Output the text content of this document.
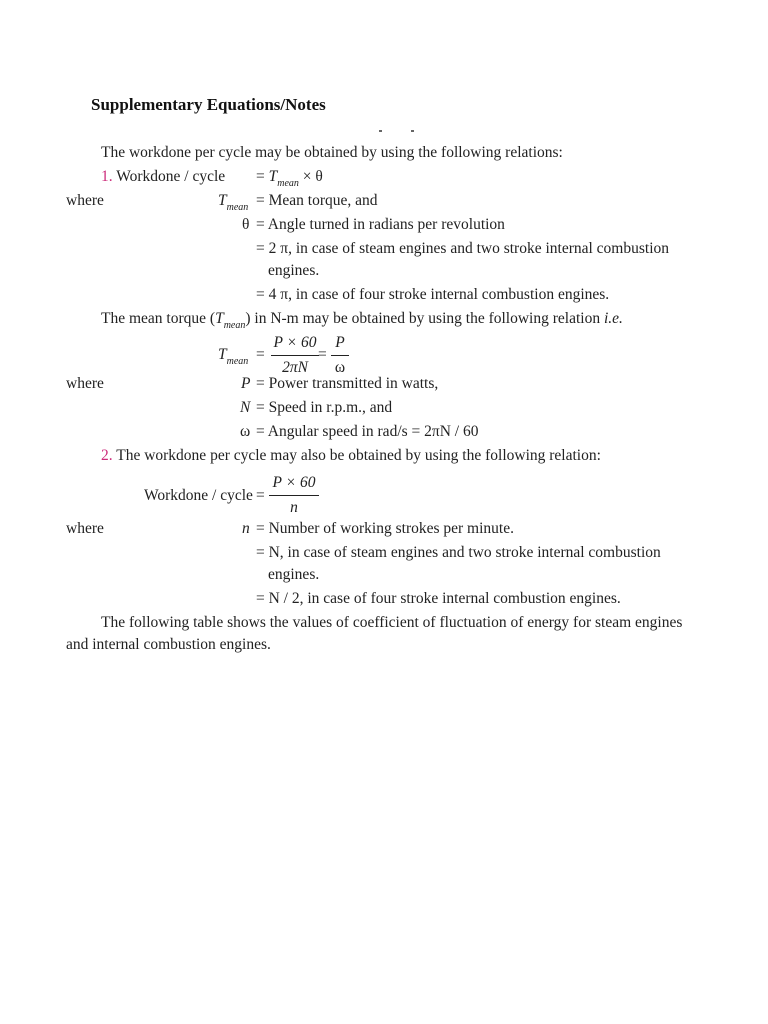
Supplementary Equations/Notes
The workdone per cycle may be obtained by using the following relations:
1. Workdone / cycle = $T_{mean} \times \theta$
where	$T_{mean}$ = Mean torque, and
θ = Angle turned in radians per revolution
= 2 π, in case of steam engines and two stroke internal combustion
engines.
= 4 π, in case of four stroke internal combustion engines.
The mean torque $(T_{mean})$ in N-m may be obtained by using the following relation i.e.
$T_{mean}$ =
P × 60
2πN
=
P
ω
where	P = Power transmitted in watts,
N = Speed in r.p.m., and
ω = Angular speed in rad/s = 2πN / 60
2. The workdone per cycle may also be obtained by using the following relation:
Workdone / cycle =
P × 60
n
where	n = Number of working strokes per minute.
= N, in case of steam engines and two stroke internal combustion
engines.
= N / 2, in case of four stroke internal combustion engines.
The following table shows the values of coefficient of fluctuation of energy for steam engines
and internal combustion engines.
